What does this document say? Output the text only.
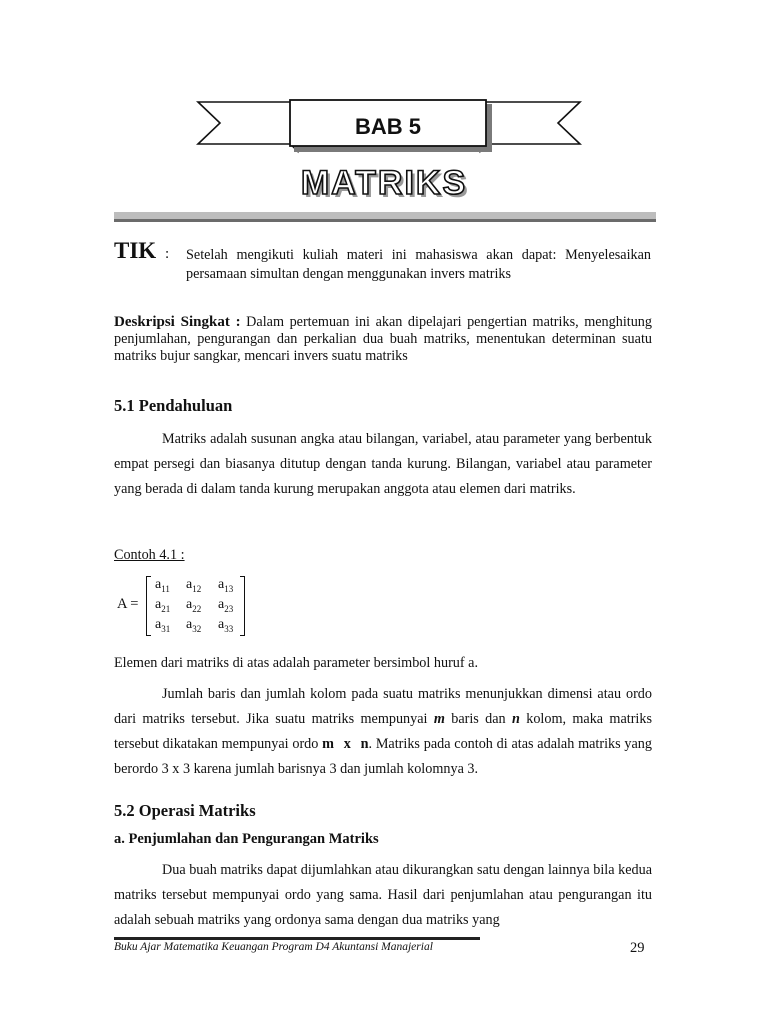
BAB 5
MATRIKS
TIK : Setelah mengikuti kuliah materi ini mahasiswa akan dapat: Menyelesaikan persamaan simultan dengan menggunakan invers matriks
Deskripsi Singkat : Dalam pertemuan ini akan dipelajari pengertian matriks, menghitung penjumlahan, pengurangan dan perkalian dua buah matriks, menentukan determinan suatu matriks bujur sangkar, mencari invers suatu matriks
5.1 Pendahuluan
Matriks adalah susunan angka atau bilangan, variabel, atau parameter yang berbentuk empat persegi dan biasanya ditutup dengan tanda kurung. Bilangan, variabel atau parameter yang berada di dalam tanda kurung merupakan anggota atau elemen dari matriks.
Contoh 4.1 :
A =
$a_{11}$ $a_{12}$ $a_{13}$
$a_{21}$ $a_{22}$ $a_{23}$
$a_{31}$ $a_{32}$ $a_{33}$
Elemen dari matriks di atas adalah parameter bersimbol huruf a.
Jumlah baris dan jumlah kolom pada suatu matriks menunjukkan dimensi atau ordo dari matriks tersebut. Jika suatu matriks mempunyai m baris dan n kolom, maka matriks tersebut dikatakan mempunyai ordo m x n. Matriks pada contoh di atas adalah matriks yang berordo 3 x 3 karena jumlah barisnya 3 dan jumlah kolomnya 3.
5.2 Operasi Matriks
a. Penjumlahan dan Pengurangan Matriks
Dua buah matriks dapat dijumlahkan atau dikurangkan satu dengan lainnya bila kedua matriks tersebut mempunyai ordo yang sama. Hasil dari penjumlahan atau pengurangan itu adalah sebuah matriks yang ordonya sama dengan dua matriks yang
Buku Ajar Matematika Keuangan Program D4 Akuntansi Manajerial	29
